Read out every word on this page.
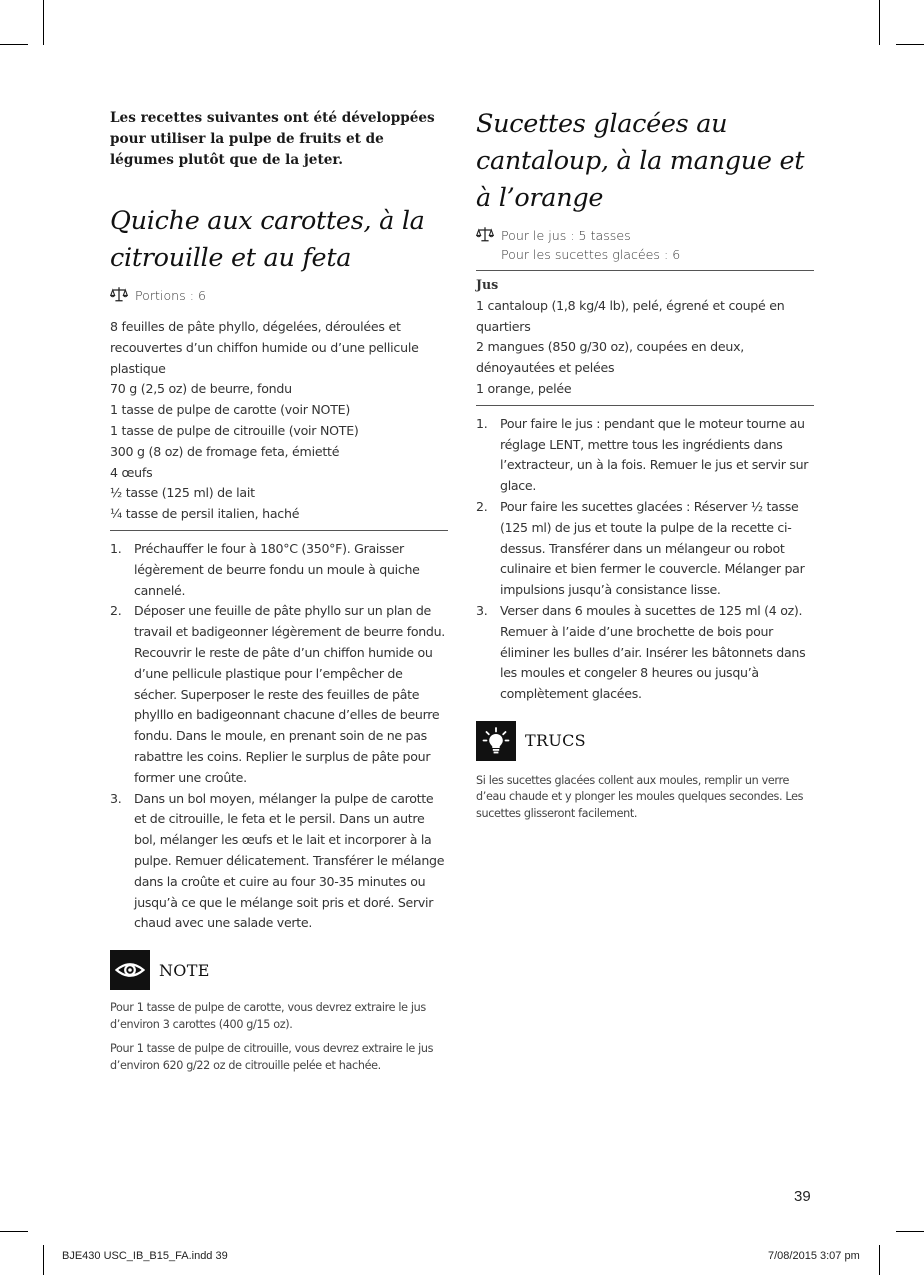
Les recettes suivantes ont été développées pour utiliser la pulpe de fruits et de légumes plutôt que de la jeter.

Quiche aux carottes, à la citrouille et au feta
Portions : 6
8 feuilles de pâte phyllo, dégelées, déroulées et recouvertes d’un chiffon humide ou d’une pellicule plastique
70 g (2,5 oz) de beurre, fondu
1 tasse de pulpe de carotte (voir NOTE)
1 tasse de pulpe de citrouille (voir NOTE)
300 g (8 oz) de fromage feta, émietté
4 œufs
½ tasse (125 ml) de lait
¼ tasse de persil italien, haché
1. Préchauffer le four à 180°C (350°F). Graisser légèrement de beurre fondu un moule à quiche cannelé.
2. Déposer une feuille de pâte phyllo sur un plan de travail et badigeonner légèrement de beurre fondu. Recouvrir le reste de pâte d’un chiffon humide ou d’une pellicule plastique pour l’empêcher de sécher. Superposer le reste des feuilles de pâte phylllo en badigeonnant chacune d’elles de beurre fondu. Dans le moule, en prenant soin de ne pas rabattre les coins. Replier le surplus de pâte pour former une croûte.
3. Dans un bol moyen, mélanger la pulpe de carotte et de citrouille, le feta et le persil. Dans un autre bol, mélanger les œufs et le lait et incorporer à la pulpe. Remuer délicatement. Transférer le mélange dans la croûte et cuire au four 30-35 minutes ou jusqu’à ce que le mélange soit pris et doré. Servir chaud avec une salade verte.
NOTE

Pour 1 tasse de pulpe de carotte, vous devrez extraire le jus d’environ 3 carottes (400 g/15 oz).

Pour 1 tasse de pulpe de citrouille, vous devrez extraire le jus d’environ 620 g/22 oz de citrouille pelée et hachée.

Sucettes glacées au cantaloup, à la mangue et à l’orange
Pour le jus : 5 tasses
Pour les sucettes glacées : 6
Jus
1 cantaloup (1,8 kg/4 lb), pelé, égrené et coupé en quartiers
2 mangues (850 g/30 oz), coupées en deux, dénoyautées et pelées
1 orange, pelée
1. Pour faire le jus : pendant que le moteur tourne au réglage LENT, mettre tous les ingrédients dans l’extracteur, un à la fois. Remuer le jus et servir sur glace.
2. Pour faire les sucettes glacées : Réserver ½ tasse (125 ml) de jus et toute la pulpe de la recette ci-dessus. Transférer dans un mélangeur ou robot culinaire et bien fermer le couvercle. Mélanger par impulsions jusqu’à consistance lisse.
3. Verser dans 6 moules à sucettes de 125 ml (4 oz). Remuer à l’aide d’une brochette de bois pour éliminer les bulles d’air. Insérer les bâtonnets dans les moules et congeler 8 heures ou jusqu’à complètement glacées.
TRUCS

Si les sucettes glacées collent aux moules, remplir un verre d’eau chaude et y plonger les moules quelques secondes. Les sucettes glisseront facilement.

39
BJE430 USC_IB_B15_FA.indd 39	7/08/2015 3:07 pm
